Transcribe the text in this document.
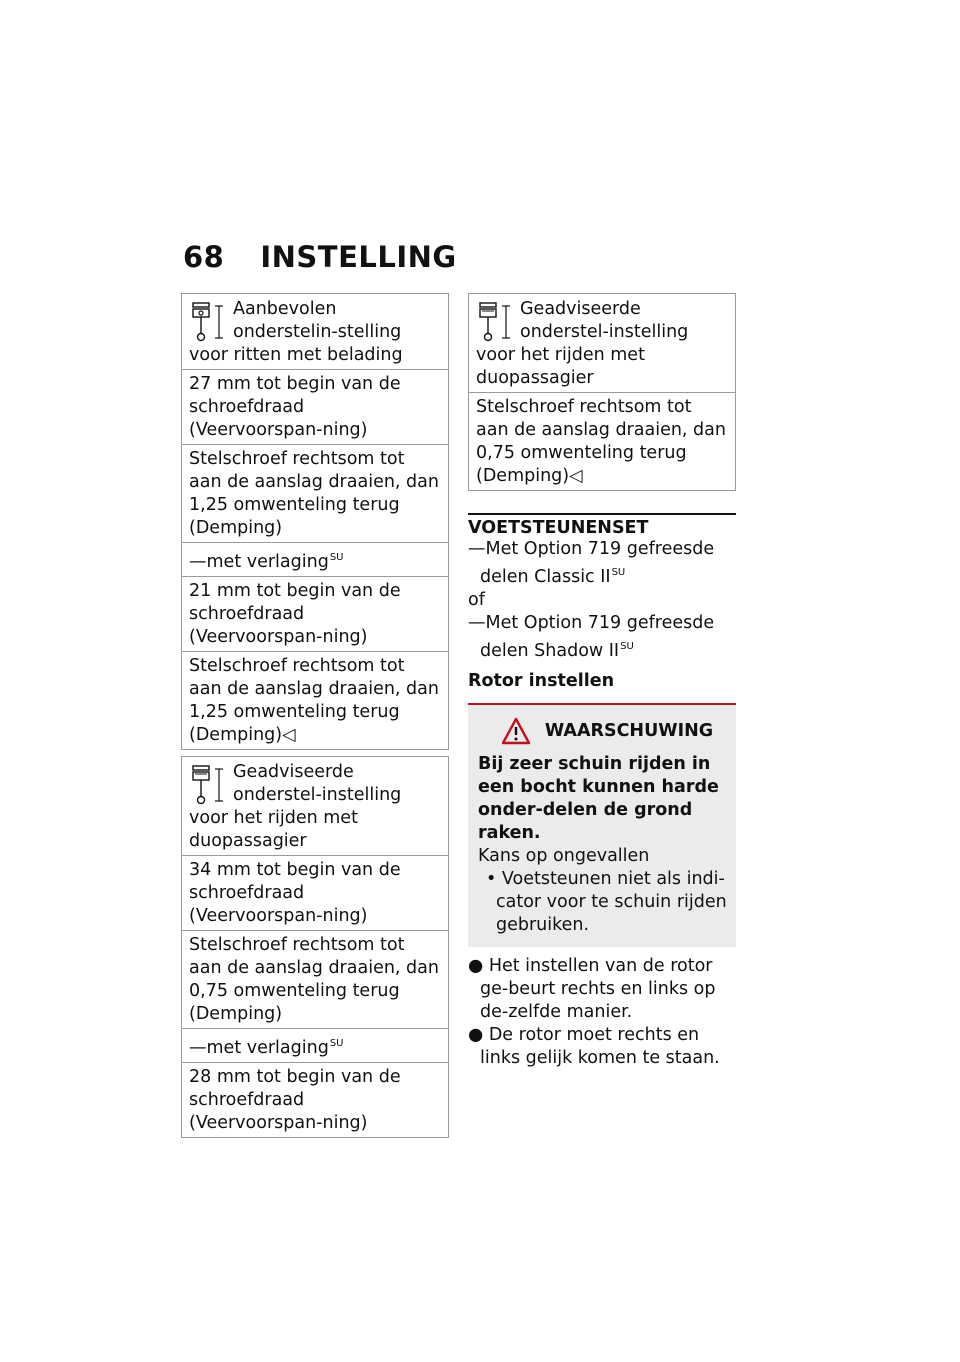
68 INSTELLING
Aanbevolen onderstelin-stelling voor ritten met belading
27 mm tot begin van de schroefdraad (Veervoorspan-ning)
Stelschroef rechtsom tot aan de aanslag draaien, dan 1,25 omwenteling terug (Demping)
—met verlaging$^{SU}$
21 mm tot begin van de schroefdraad (Veervoorspan-ning)
Stelschroef rechtsom tot aan de aanslag draaien, dan 1,25 omwenteling terug (Demping)◁
Geadviseerde onderstel-instelling voor het rijden met duopassagier
34 mm tot begin van de schroefdraad (Veervoorspan-ning)
Stelschroef rechtsom tot aan de aanslag draaien, dan 0,75 omwenteling terug (Demping)
—met verlaging$^{SU}$
28 mm tot begin van de schroefdraad (Veervoorspan-ning)
Geadviseerde onderstel-instelling voor het rijden met duopassagier
Stelschroef rechtsom tot aan de aanslag draaien, dan 0,75 omwenteling terug (Demping)◁
VOETSTEUNENSET
—Met Option 719 gefreesde delen Classic $II^{SU}$
of
—Met Option 719 gefreesde delen Shadow $II^{SU}$
Rotor instellen
WAARSCHUWING
Bij zeer schuin rijden in een bocht kunnen harde onder-delen de grond raken.
Kans op ongevallen
• Voetsteunen niet als indi-cator voor te schuin rijden gebruiken.
● Het instellen van de rotor ge-beurt rechts en links op de-zelfde manier.
● De rotor moet rechts en links gelijk komen te staan.
